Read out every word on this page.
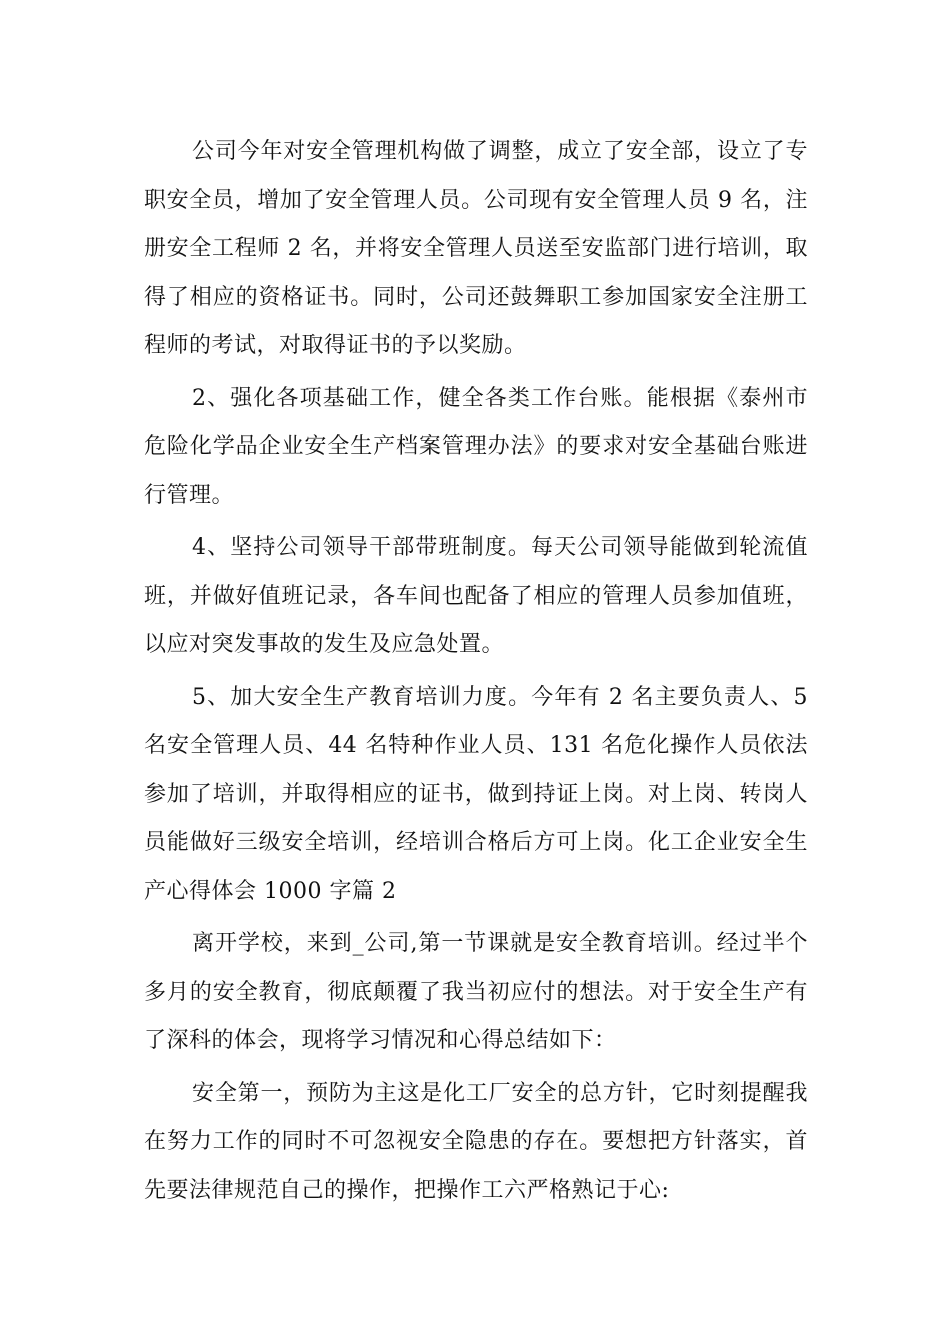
公司今年对安全管理机构做了调整，成立了安全部，设立了专职安全员，增加了安全管理人员。公司现有安全管理人员 9 名，注册安全工程师 2 名，并将安全管理人员送至安监部门进行培训，取得了相应的资格证书。同时，公司还鼓舞职工参加国家安全注册工程师的考试，对取得证书的予以奖励。

2、强化各项基础工作，健全各类工作台账。能根据《泰州市危险化学品企业安全生产档案管理办法》的要求对安全基础台账进行管理。

4、坚持公司领导干部带班制度。每天公司领导能做到轮流值班，并做好值班记录，各车间也配备了相应的管理人员参加值班，以应对突发事故的发生及应急处置。

5、加大安全生产教育培训力度。今年有 2 名主要负责人、5 名安全管理人员、44 名特种作业人员、131 名危化操作人员依法参加了培训，并取得相应的证书，做到持证上岗。对上岗、转岗人员能做好三级安全培训，经培训合格后方可上岗。化工企业安全生产心得体会 1000 字篇 2

离开学校，来到_公司,第一节课就是安全教育培训。经过半个多月的安全教育，彻底颠覆了我当初应付的想法。对于安全生产有了深科的体会，现将学习情况和心得总结如下：

安全第一，预防为主这是化工厂安全的总方针，它时刻提醒我在努力工作的同时不可忽视安全隐患的存在。要想把方针落实，首先要法律规范自己的操作，把操作工六严格熟记于心:
